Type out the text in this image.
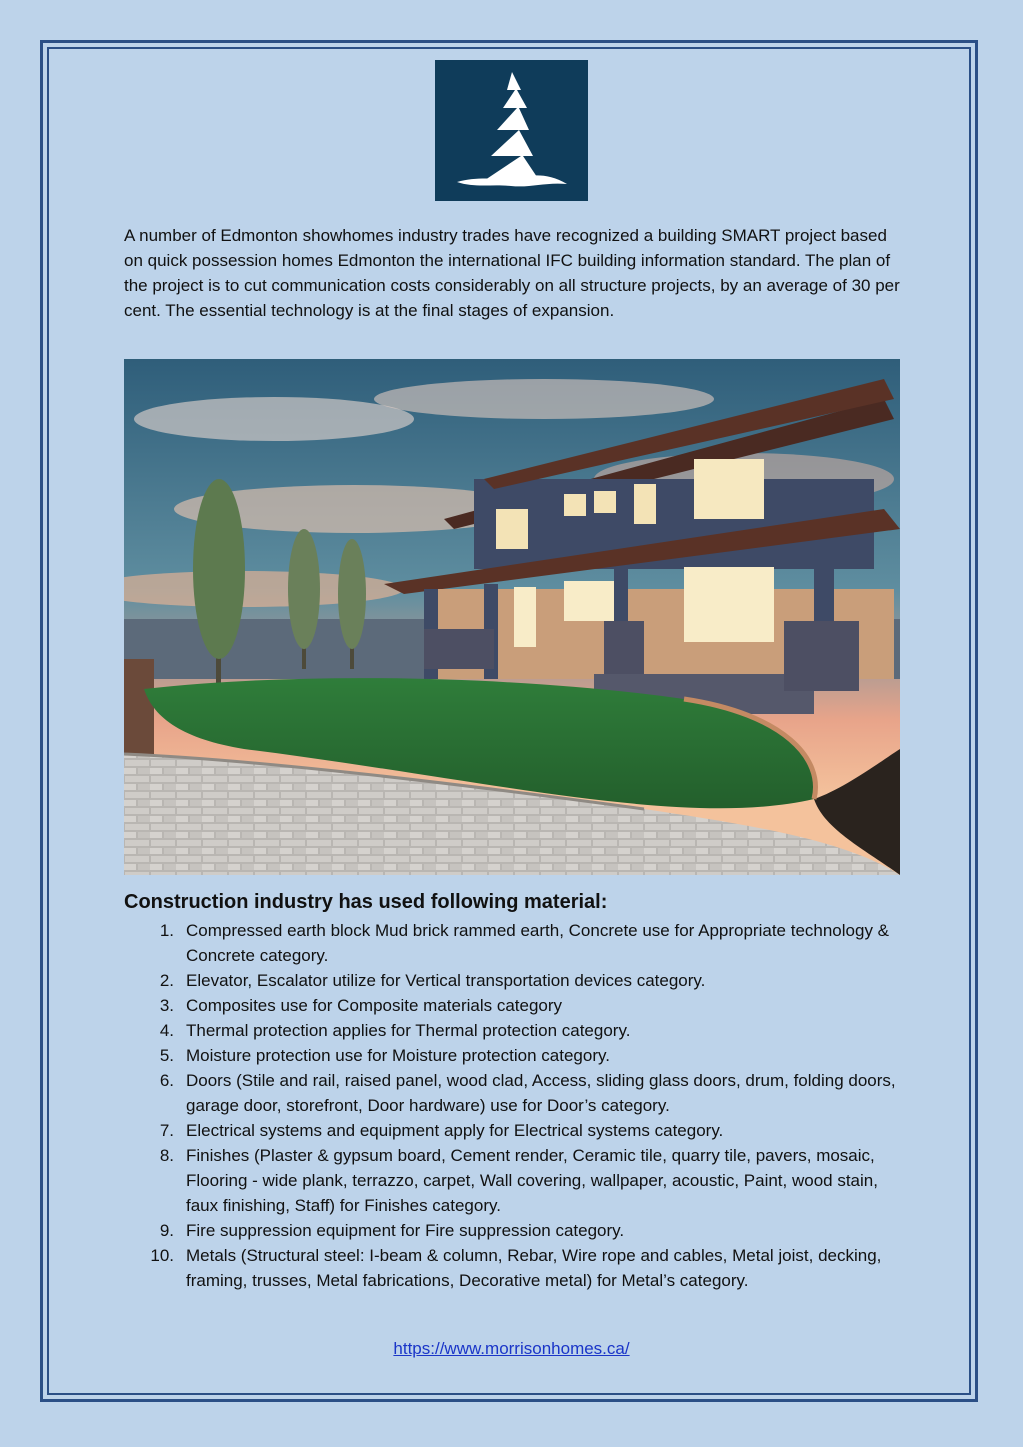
A number of Edmonton showhomes industry trades have recognized a building SMART project based on quick possession homes Edmonton the international IFC building information standard. The plan of the project is to cut communication costs considerably on all structure projects, by an average of 30 per cent. The essential technology is at the final stages of expansion.

Construction industry has used following material:
1. Compressed earth block Mud brick rammed earth, Concrete use for Appropriate technology & Concrete category.
2. Elevator, Escalator utilize for Vertical transportation devices category.
3. Composites use for Composite materials category
4. Thermal protection applies for Thermal protection category.
5. Moisture protection use for Moisture protection category.
6. Doors (Stile and rail, raised panel, wood clad, Access, sliding glass doors, drum, folding doors, garage door, storefront, Door hardware) use for Door’s category.
7. Electrical systems and equipment apply for Electrical systems category.
8. Finishes (Plaster & gypsum board, Cement render, Ceramic tile, quarry tile, pavers, mosaic, Flooring - wide plank, terrazzo, carpet, Wall covering, wallpaper, acoustic, Paint, wood stain, faux finishing, Staff) for Finishes category.
9. Fire suppression equipment for Fire suppression category.
10. Metals (Structural steel: I-beam & column, Rebar, Wire rope and cables, Metal joist, decking, framing, trusses, Metal fabrications, Decorative metal) for Metal’s category.
https://www.morrisonhomes.ca/
